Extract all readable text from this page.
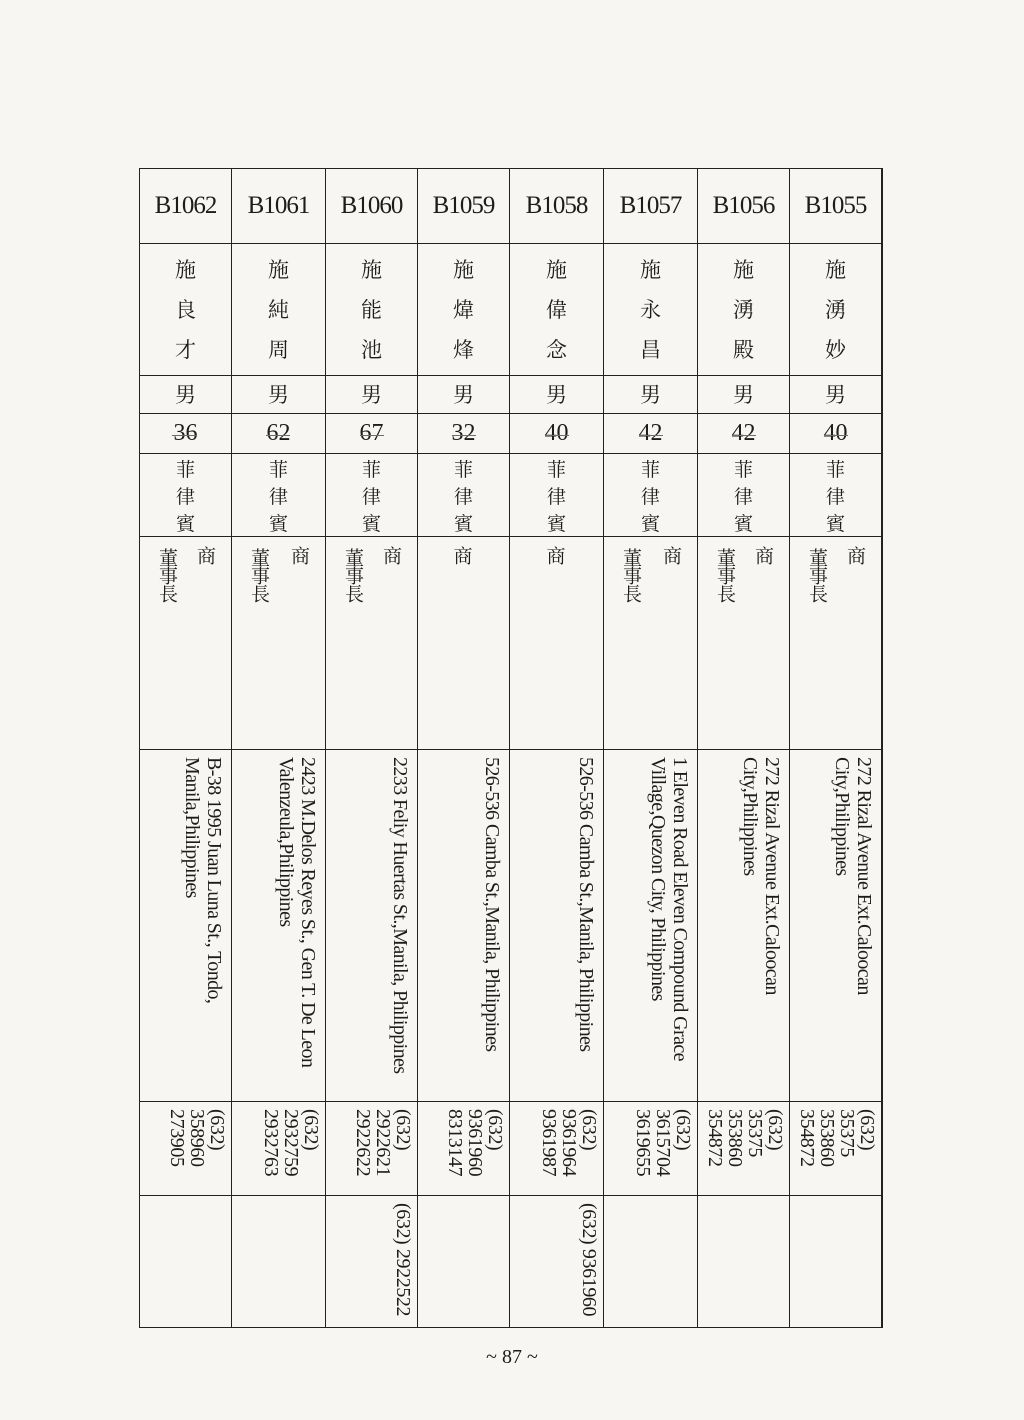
B1062
施
良
才
男
36
菲
律
賓
商
董事長
B-38 1995 Juan Luna St., Tondo, Manila,Philippines
(632) 358960 273905
B1061
施
純
周
男
62
菲
律
賓
商
董事長
2423 M.Delos Reyes St., Gen T. De Leon Valenzeula,Philippines
(632) 2932759 2932763
B1060
施
能
池
男
67
菲
律
賓
商
董事長
2233 Feliy Huertas St.,Manila, Philippines
(632) 2922621 2922622
(632) 2922522
B1059
施
煒
烽
男
32
菲
律
賓
商
526-536 Camba St.,Manila, Philippines
(632) 9361960 8313147
B1058
施
偉
念
男
40
菲
律
賓
商
526-536 Camba St.,Manila, Philippines
(632) 9361964 9361987
(632) 9361960
B1057
施
永
昌
男
42
菲
律
賓
商
董事長
1 Eleven Road Eleven Compound Grace Village,Quezon City, Philippines
(632) 3615704 3619655
B1056
施
湧
殿
男
42
菲
律
賓
商
董事長
272 Rizal Avenue Ext.Caloocan City,Philippines
(632) 35375 353860 354872
B1055
施
湧
妙
男
40
菲
律
賓
商
董事長
272 Rizal Avenue Ext.Caloocan City,Philippines
(632) 35375 353860 354872
~ 87 ~
